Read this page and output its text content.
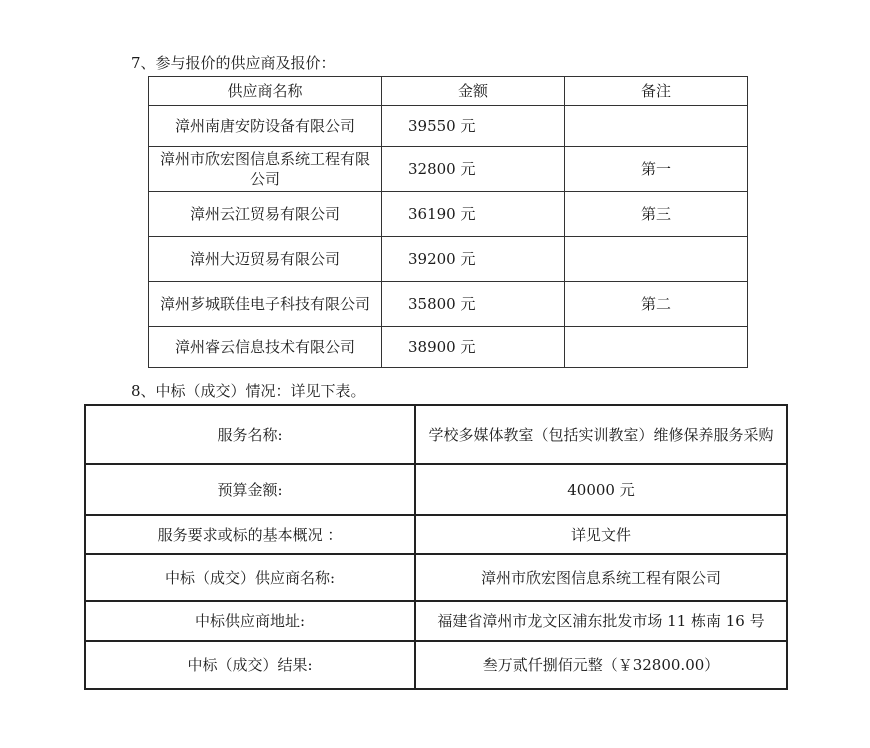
7、参与报价的供应商及报价：
供应商名称	金额	备注
漳州南唐安防设备有限公司	39550 元	
漳州市欣宏图信息系统工程有限公司	32800 元	第一
漳州云江贸易有限公司	36190 元	第三
漳州大迈贸易有限公司	39200 元	
漳州芗城联佳电子科技有限公司	35800 元	第二
漳州睿云信息技术有限公司	38900 元	
8、中标（成交）情况：详见下表。
服务名称:	学校多媒体教室（包括实训教室）维修保养服务采购
预算金额:	40000 元
服务要求或标的基本概况 ：	详见文件
中标（成交）供应商名称:	漳州市欣宏图信息系统工程有限公司
中标供应商地址:	福建省漳州市龙文区浦东批发市场 11 栋南 16 号
中标（成交）结果:	叁万贰仟捌佰元整（￥32800.00）
